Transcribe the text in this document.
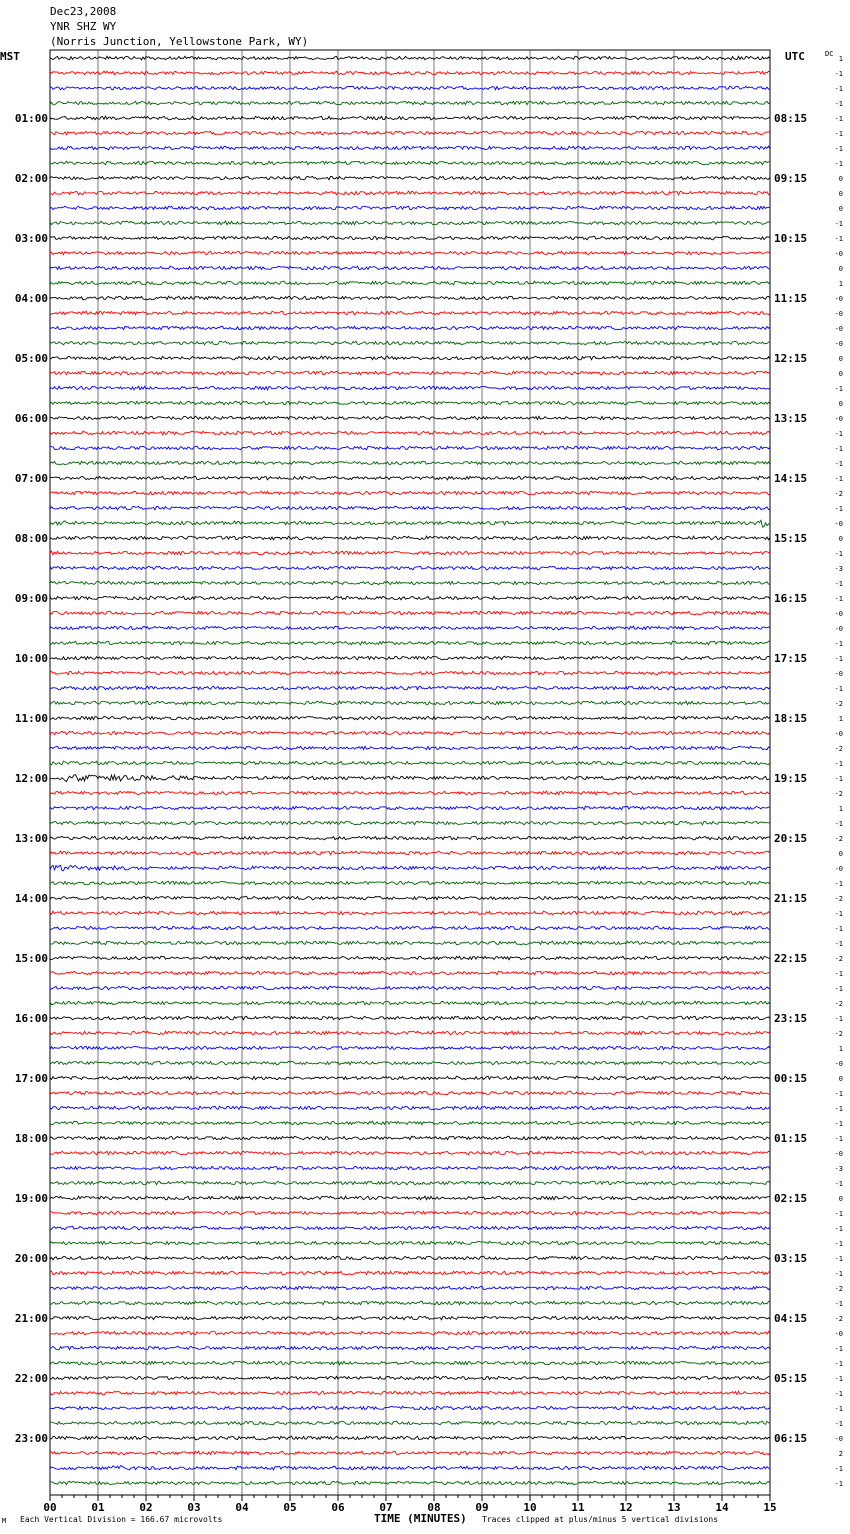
Dec23,2008
YNR SHZ WY
(Norris Junction, Yellowstone Park, WY)
00	01	02	03	04	05	06	07	08	09	10	11	12	13	14	15
1
-1
-1
-1
-1
-1
-1
-1
0
0
0
-1
-1
-0
0
1
-0
-0
-0
-0
0
0
-1
0
-0
-1
-1
-1
-1
-2
-1
-0
0
-1
-3
-1
-1
-0
-0
-1
-1
-0
-1
-2
1
-0
-2
-1
-1
-2
1
-1
-2
0
-0
-1
-2
-1
-1
-1
-2
-1
-1
-2
-1
-2
1
-0
0
-1
-1
-1
-1
-0
-3
-1
0
-1
-1
-1
-1
-1
-2
-1
-2
-0
-1
-1
-1
-1
-1
-1
-0
2
-1
-1
MST	UTC	DC
01:00
02:00
03:00
04:00
05:00
06:00
07:00
08:00
09:00
10:00
11:00
12:00
13:00
14:00
15:00
16:00
17:00
18:00
19:00
20:00
21:00
22:00
23:00
08:15
09:15
10:15
11:15
12:15
13:15
14:15
15:15
16:15
17:15
18:15
19:15
20:15
21:15
22:15
23:15
00:15
01:15
02:15
03:15
04:15
05:15
06:15
TIME (MINUTES)
Each Vertical Division = 166.67 microvolts	Traces clipped at plus/minus 5 vertical divisions
M
